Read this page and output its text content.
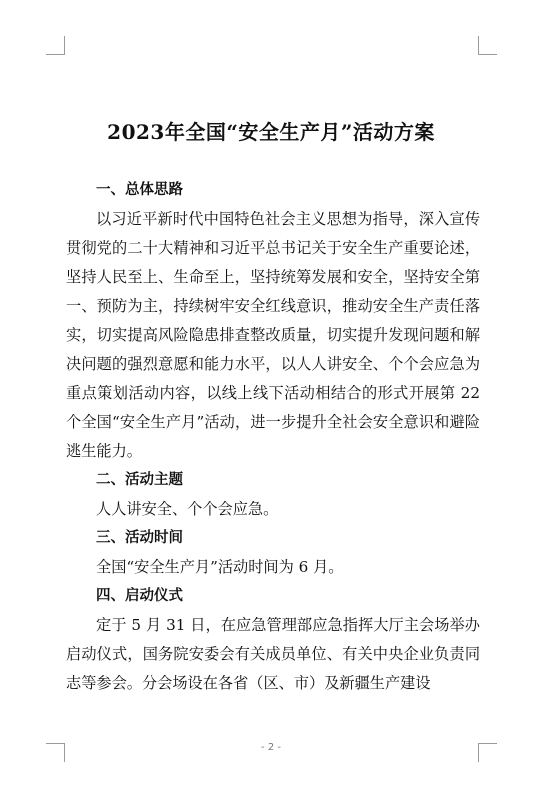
2023年全国“安全生产月”活动方案

一、总体思路

以习近平新时代中国特色社会主义思想为指导，深入宣传贯彻党的二十大精神和习近平总书记关于安全生产重要论述，坚持人民至上、生命至上，坚持统筹发展和安全，坚持安全第一、预防为主，持续树牢安全红线意识，推动安全生产责任落实，切实提高风险隐患排查整改质量，切实提升发现问题和解决问题的强烈意愿和能力水平，以人人讲安全、个个会应急为重点策划活动内容，以线上线下活动相结合的形式开展第 22 个全国“安全生产月”活动，进一步提升全社会安全意识和避险逃生能力。

二、活动主题

人人讲安全、个个会应急。

三、活动时间

全国“安全生产月”活动时间为 6 月。

四、启动仪式

定于 5 月 31 日，在应急管理部应急指挥大厅主会场举办启动仪式，国务院安委会有关成员单位、有关中央企业负责同志等参会。分会场设在各省（区、市）及新疆生产建设

- 2 -
